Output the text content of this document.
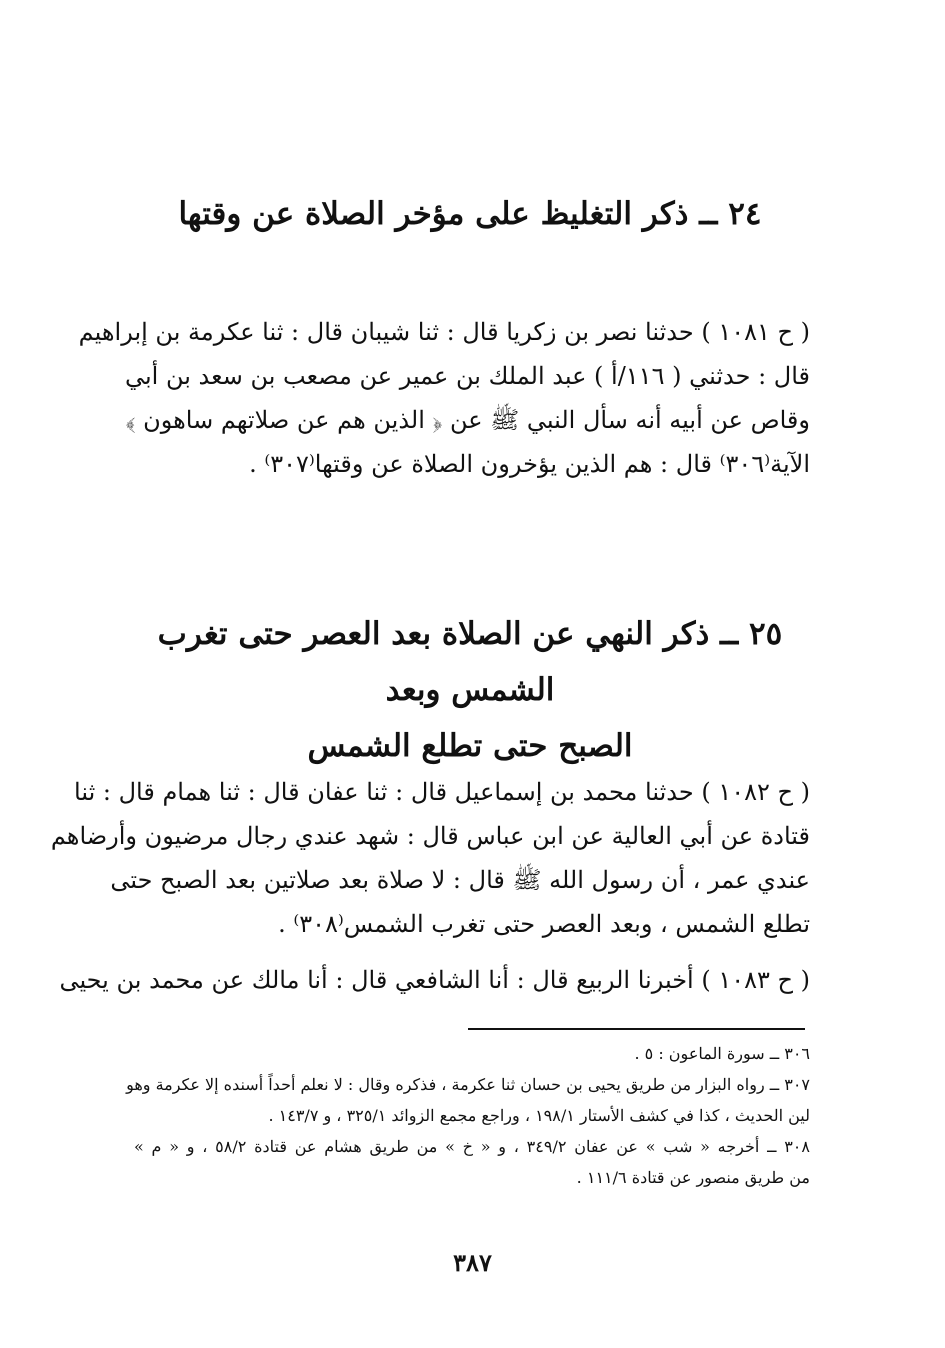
٢٤ ــ ذكر التغليظ على مؤخر الصلاة عن وقتها
( ح ١٠٨١ ) حدثنا نصر بن زكريا قال : ثنا شيبان قال : ثنا عكرمة بن إبراهيم
قال : حدثني ( ١١٦/أ ) عبد الملك بن عمير عن مصعب بن سعد بن أبي
وقاص عن أبيه أنه سأل النبي ﷺ عن ﴿ الذين هم عن صلاتهم ساهون ﴾
الآية⁽٣٠٦⁾ قال : هم الذين يؤخرون الصلاة عن وقتها⁽٣٠٧⁾ .
٢٥ ــ ذكر النهي عن الصلاة بعد العصر حتى تغرب الشمس وبعد
الصبح حتى تطلع الشمس
( ح ١٠٨٢ ) حدثنا محمد بن إسماعيل قال : ثنا عفان قال : ثنا همام قال : ثنا
قتادة عن أبي العالية عن ابن عباس قال : شهد عندي رجال مرضيون وأرضاهم
عندي عمر ، أن رسول الله ﷺ قال : لا صلاة بعد صلاتين بعد الصبح حتى
تطلع الشمس ، وبعد العصر حتى تغرب الشمس⁽٣٠٨⁾ .
( ح ١٠٨٣ ) أخبرنا الربيع قال : أنا الشافعي قال : أنا مالك عن محمد بن يحيى
٣٠٦ ــ سورة الماعون : ٥ .
٣٠٧ ــ رواه البزار من طريق يحيى بن حسان ثنا عكرمة ، فذكره وقال : لا نعلم أحداً أسنده إلا عكرمة وهو
لين الحديث ، كذا في كشف الأستار ١٩٨/١ ، وراجع مجمع الزوائد ٣٢٥/١ ، و ١٤٣/٧ .
٣٠٨ ــ أخرجه « شب » عن عفان ٣٤٩/٢ ، و « خ » من طريق هشام عن قتادة ٥٨/٢ ، و « م »
من طريق منصور عن قتادة ١١١/٦ .
٣٨٧
